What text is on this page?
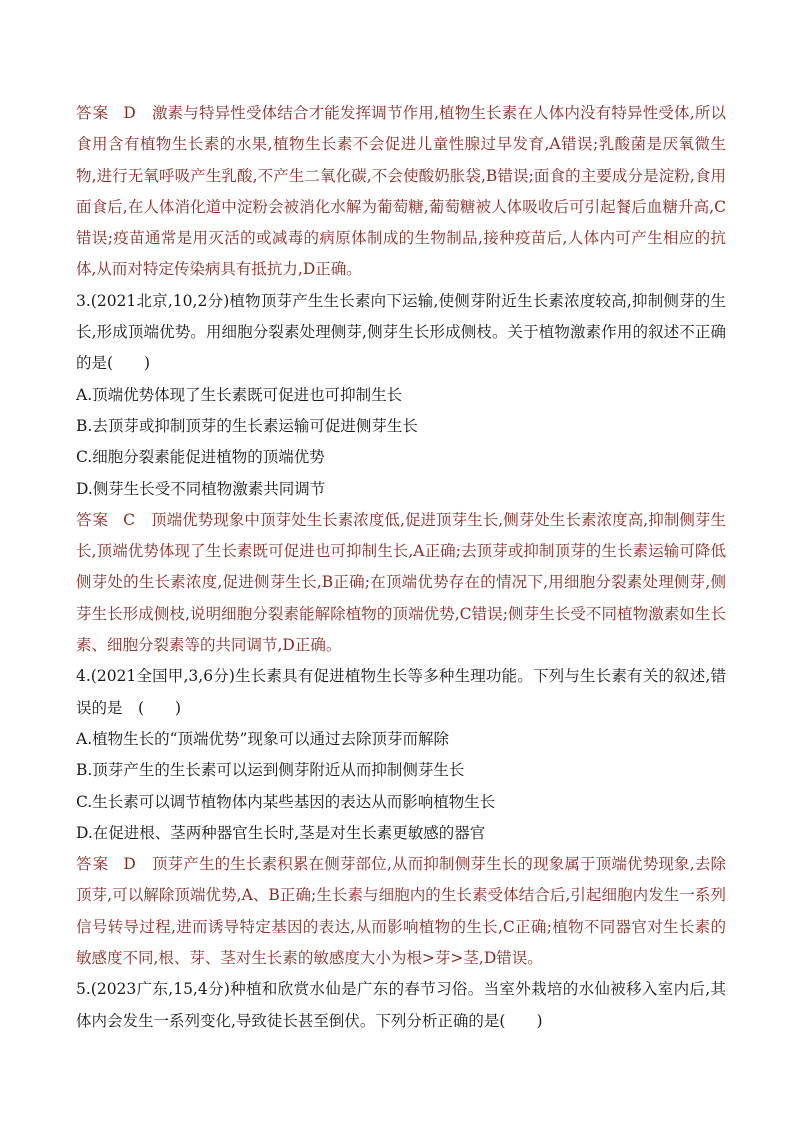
答案 D 激素与特异性受体结合才能发挥调节作用,植物生长素在人体内没有特异性受体,所以食用含有植物生长素的水果,植物生长素不会促进儿童性腺过早发育,A错误;乳酸菌是厌氧微生物,进行无氧呼吸产生乳酸,不产生二氧化碳,不会使酸奶胀袋,B错误;面食的主要成分是淀粉,食用面食后,在人体消化道中淀粉会被消化水解为葡萄糖,葡萄糖被人体吸收后可引起餐后血糖升高,C错误;疫苗通常是用灭活的或减毒的病原体制成的生物制品,接种疫苗后,人体内可产生相应的抗体,从而对特定传染病具有抵抗力,D正确。
3.(2021北京,10,2分)植物顶芽产生生长素向下运输,使侧芽附近生长素浓度较高,抑制侧芽的生长,形成顶端优势。用细胞分裂素处理侧芽,侧芽生长形成侧枝。关于植物激素作用的叙述不正确的是(　　)
A.顶端优势体现了生长素既可促进也可抑制生长
B.去顶芽或抑制顶芽的生长素运输可促进侧芽生长
C.细胞分裂素能促进植物的顶端优势
D.侧芽生长受不同植物激素共同调节
答案 C 顶端优势现象中顶芽处生长素浓度低,促进顶芽生长,侧芽处生长素浓度高,抑制侧芽生长,顶端优势体现了生长素既可促进也可抑制生长,A正确;去顶芽或抑制顶芽的生长素运输可降低侧芽处的生长素浓度,促进侧芽生长,B正确;在顶端优势存在的情况下,用细胞分裂素处理侧芽,侧芽生长形成侧枝,说明细胞分裂素能解除植物的顶端优势,C错误;侧芽生长受不同植物激素如生长素、细胞分裂素等的共同调节,D正确。
4.(2021全国甲,3,6分)生长素具有促进植物生长等多种生理功能。下列与生长素有关的叙述,错误的是　(　　)
A.植物生长的“顶端优势”现象可以通过去除顶芽而解除
B.顶芽产生的生长素可以运到侧芽附近从而抑制侧芽生长
C.生长素可以调节植物体内某些基因的表达从而影响植物生长
D.在促进根、茎两种器官生长时,茎是对生长素更敏感的器官
答案 D 顶芽产生的生长素积累在侧芽部位,从而抑制侧芽生长的现象属于顶端优势现象,去除顶芽,可以解除顶端优势,A、B正确;生长素与细胞内的生长素受体结合后,引起细胞内发生一系列信号转导过程,进而诱导特定基因的表达,从而影响植物的生长,C正确;植物不同器官对生长素的敏感度不同,根、芽、茎对生长素的敏感度大小为根>芽>茎,D错误。
5.(2023广东,15,4分)种植和欣赏水仙是广东的春节习俗。当室外栽培的水仙被移入室内后,其体内会发生一系列变化,导致徒长甚至倒伏。下列分析正确的是(　　)
